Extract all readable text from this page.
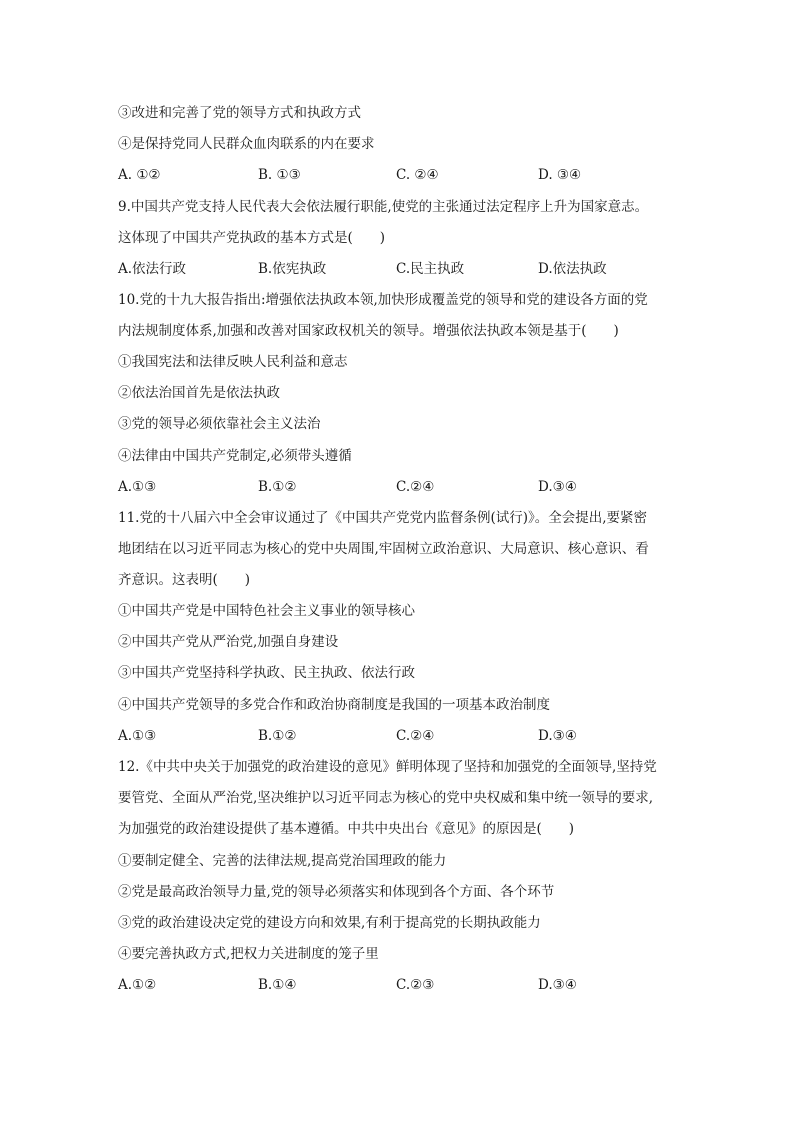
③改进和完善了党的领导方式和执政方式
④是保持党同人民群众血肉联系的内在要求
A. ①②	B. ①③	C. ②④	D. ③④
9.中国共产党支持人民代表大会依法履行职能,使党的主张通过法定程序上升为国家意志。
这体现了中国共产党执政的基本方式是(　　)
A.依法行政	B.依宪执政	C.民主执政	D.依法执政
10.党的十九大报告指出:增强依法执政本领,加快形成覆盖党的领导和党的建设各方面的党
内法规制度体系,加强和改善对国家政权机关的领导。增强依法执政本领是基于(　　)
①我国宪法和法律反映人民利益和意志
②依法治国首先是依法执政
③党的领导必须依靠社会主义法治
④法律由中国共产党制定,必须带头遵循
A.①③	B.①②	C.②④	D.③④
11.党的十八届六中全会审议通过了《中国共产党党内监督条例(试行)》。全会提出,要紧密
地团结在以习近平同志为核心的党中央周围,牢固树立政治意识、大局意识、核心意识、看
齐意识。这表明(　　)
①中国共产党是中国特色社会主义事业的领导核心
②中国共产党从严治党,加强自身建设
③中国共产党坚持科学执政、民主执政、依法行政
④中国共产党领导的多党合作和政治协商制度是我国的一项基本政治制度
A.①③	B.①②	C.②④	D.③④
12.《中共中央关于加强党的政治建设的意见》鲜明体现了坚持和加强党的全面领导,坚持党
要管党、全面从严治党,坚决维护以习近平同志为核心的党中央权威和集中统一领导的要求,
为加强党的政治建设提供了基本遵循。中共中央出台《意见》的原因是(　　)
①要制定健全、完善的法律法规,提高党治国理政的能力
②党是最高政治领导力量,党的领导必须落实和体现到各个方面、各个环节
③党的政治建设决定党的建设方向和效果,有利于提高党的长期执政能力
④要完善执政方式,把权力关进制度的笼子里
A.①②	B.①④	C.②③	D.③④
